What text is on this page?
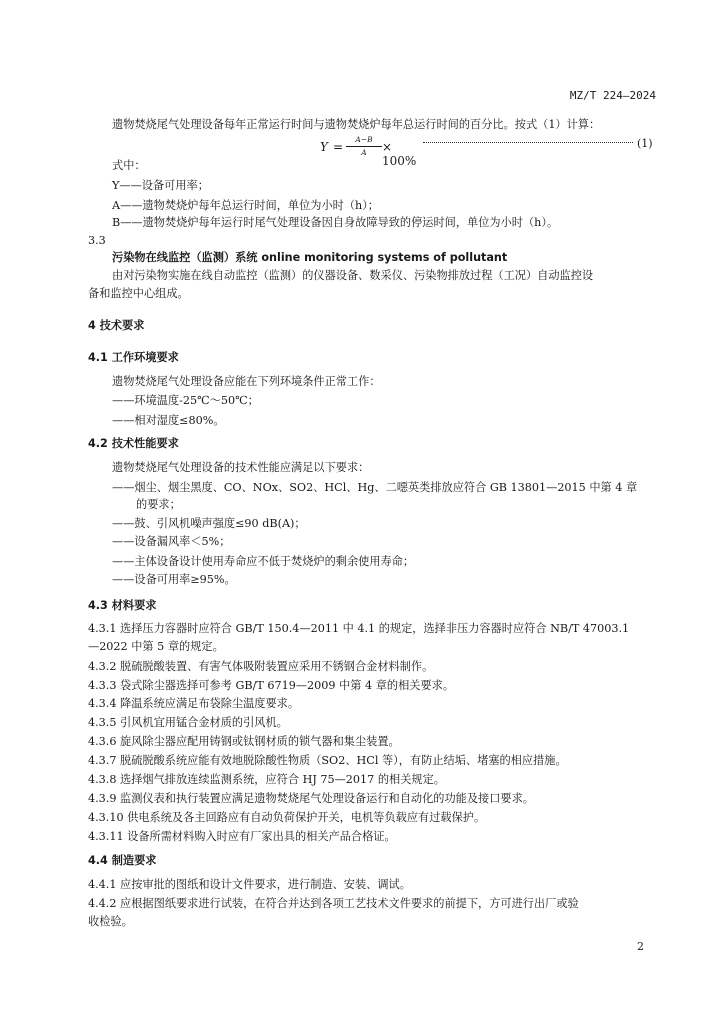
MZ/T 224—2024
遗物焚烧尾气处理设备每年正常运行时间与遗物焚烧炉每年总运行时间的百分比。按式（1）计算：
Y =
A−B
A	× 100%
(1)
式中：
Y——设备可用率；
A——遗物焚烧炉每年总运行时间，单位为小时（h）；
B——遗物焚烧炉每年运行时尾气处理设备因自身故障导致的停运时间，单位为小时（h）。
3.3
污染物在线监控（监测）系统 online monitoring systems of pollutant
由对污染物实施在线自动监控（监测）的仪器设备、数采仪、污染物排放过程（工况）自动监控设
备和监控中心组成。
4 技术要求
4.1 工作环境要求
遗物焚烧尾气处理设备应能在下列环境条件正常工作：
——环境温度-25℃～50℃；
——相对湿度≤80%。
4.2 技术性能要求
遗物焚烧尾气处理设备的技术性能应满足以下要求：
——烟尘、烟尘黑度、CO、NOx、SO2、HCl、Hg、二噁英类排放应符合 GB 13801—2015 中第 4 章
的要求；
——鼓、引风机噪声强度≤90 dB(A)；
——设备漏风率＜5%；
——主体设备设计使用寿命应不低于焚烧炉的剩余使用寿命；
——设备可用率≥95%。
4.3 材料要求
4.3.1 选择压力容器时应符合 GB/T 150.4—2011 中 4.1 的规定，选择非压力容器时应符合 NB/T 47003.1
—2022 中第 5 章的规定。
4.3.2 脱硫脱酸装置、有害气体吸附装置应采用不锈钢合金材料制作。
4.3.3 袋式除尘器选择可参考 GB/T 6719—2009 中第 4 章的相关要求。
4.3.4 降温系统应满足布袋除尘温度要求。
4.3.5 引风机宜用锰合金材质的引风机。
4.3.6 旋风除尘器应配用铸钢或钛钢材质的锁气器和集尘装置。
4.3.7 脱硫脱酸系统应能有效地脱除酸性物质（SO2、HCl 等），有防止结垢、堵塞的相应措施。
4.3.8 选择烟气排放连续监测系统，应符合 HJ 75—2017 的相关规定。
4.3.9 监测仪表和执行装置应满足遗物焚烧尾气处理设备运行和自动化的功能及接口要求。
4.3.10 供电系统及各主回路应有自动负荷保护开关，电机等负载应有过载保护。
4.3.11 设备所需材料购入时应有厂家出具的相关产品合格证。
4.4 制造要求
4.4.1 应按审批的图纸和设计文件要求，进行制造、安装、调试。
4.4.2 应根据图纸要求进行试装，在符合并达到各项工艺技术文件要求的前提下，方可进行出厂或验
收检验。
2
